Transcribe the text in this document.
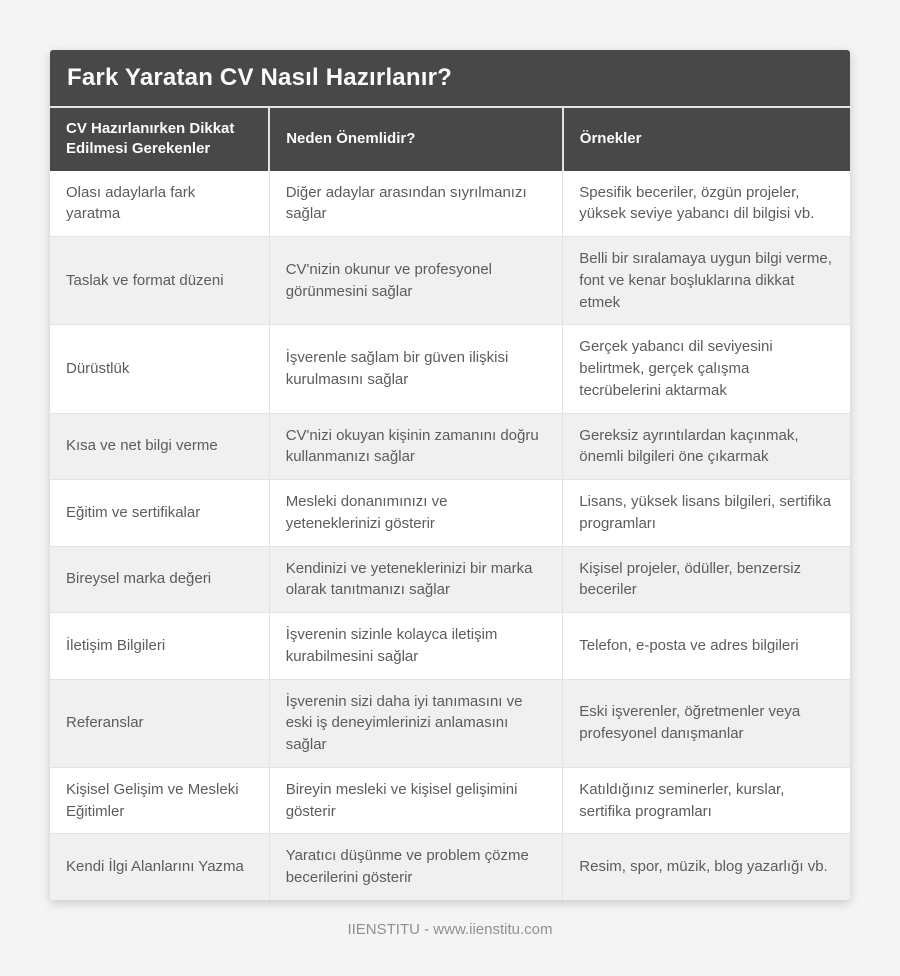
Fark Yaratan CV Nasıl Hazırlanır?
CV Hazırlanırken Dikkat Edilmesi Gerekenler	Neden Önemlidir?	Örnekler
Olası adaylarla fark yaratma	Diğer adaylar arasından sıyrılmanızı sağlar	Spesifik beceriler, özgün projeler, yüksek seviye yabancı dil bilgisi vb.
Taslak ve format düzeni	CV'nizin okunur ve profesyonel görünmesini sağlar	Belli bir sıralamaya uygun bilgi verme, font ve kenar boşluklarına dikkat etmek
Dürüstlük	İşverenle sağlam bir güven ilişkisi kurulmasını sağlar	Gerçek yabancı dil seviyesini belirtmek, gerçek çalışma tecrübelerini aktarmak
Kısa ve net bilgi verme	CV'nizi okuyan kişinin zamanını doğru kullanmanızı sağlar	Gereksiz ayrıntılardan kaçınmak, önemli bilgileri öne çıkarmak
Eğitim ve sertifikalar	Mesleki donanımınızı ve yeteneklerinizi gösterir	Lisans, yüksek lisans bilgileri, sertifika programları
Bireysel marka değeri	Kendinizi ve yeteneklerinizi bir marka olarak tanıtmanızı sağlar	Kişisel projeler, ödüller, benzersiz beceriler
İletişim Bilgileri	İşverenin sizinle kolayca iletişim kurabilmesini sağlar	Telefon, e-posta ve adres bilgileri
Referanslar	İşverenin sizi daha iyi tanımasını ve eski iş deneyimlerinizi anlamasını sağlar	Eski işverenler, öğretmenler veya profesyonel danışmanlar
Kişisel Gelişim ve Mesleki Eğitimler	Bireyin mesleki ve kişisel gelişimini gösterir	Katıldığınız seminerler, kurslar, sertifika programları
Kendi İlgi Alanlarını Yazma	Yaratıcı düşünme ve problem çözme becerilerini gösterir	Resim, spor, müzik, blog yazarlığı vb.
IIENSTITU - www.iienstitu.com
